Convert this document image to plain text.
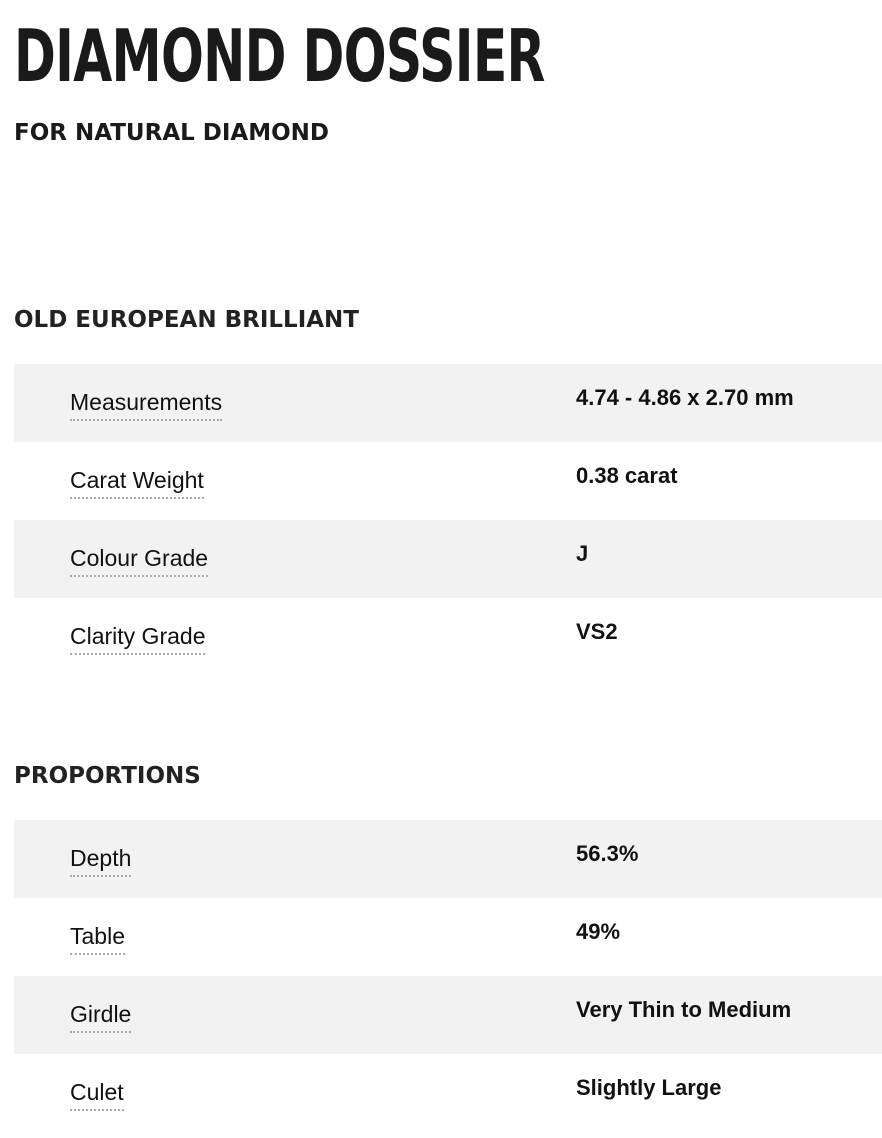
DIAMOND DOSSIER
FOR NATURAL DIAMOND
OLD EUROPEAN BRILLIANT
Measurements	4.74 - 4.86 x 2.70 mm
Carat Weight	0.38 carat
Colour Grade	J
Clarity Grade	VS2
PROPORTIONS
Depth	56.3%
Table	49%
Girdle	Very Thin to Medium
Culet	Slightly Large
